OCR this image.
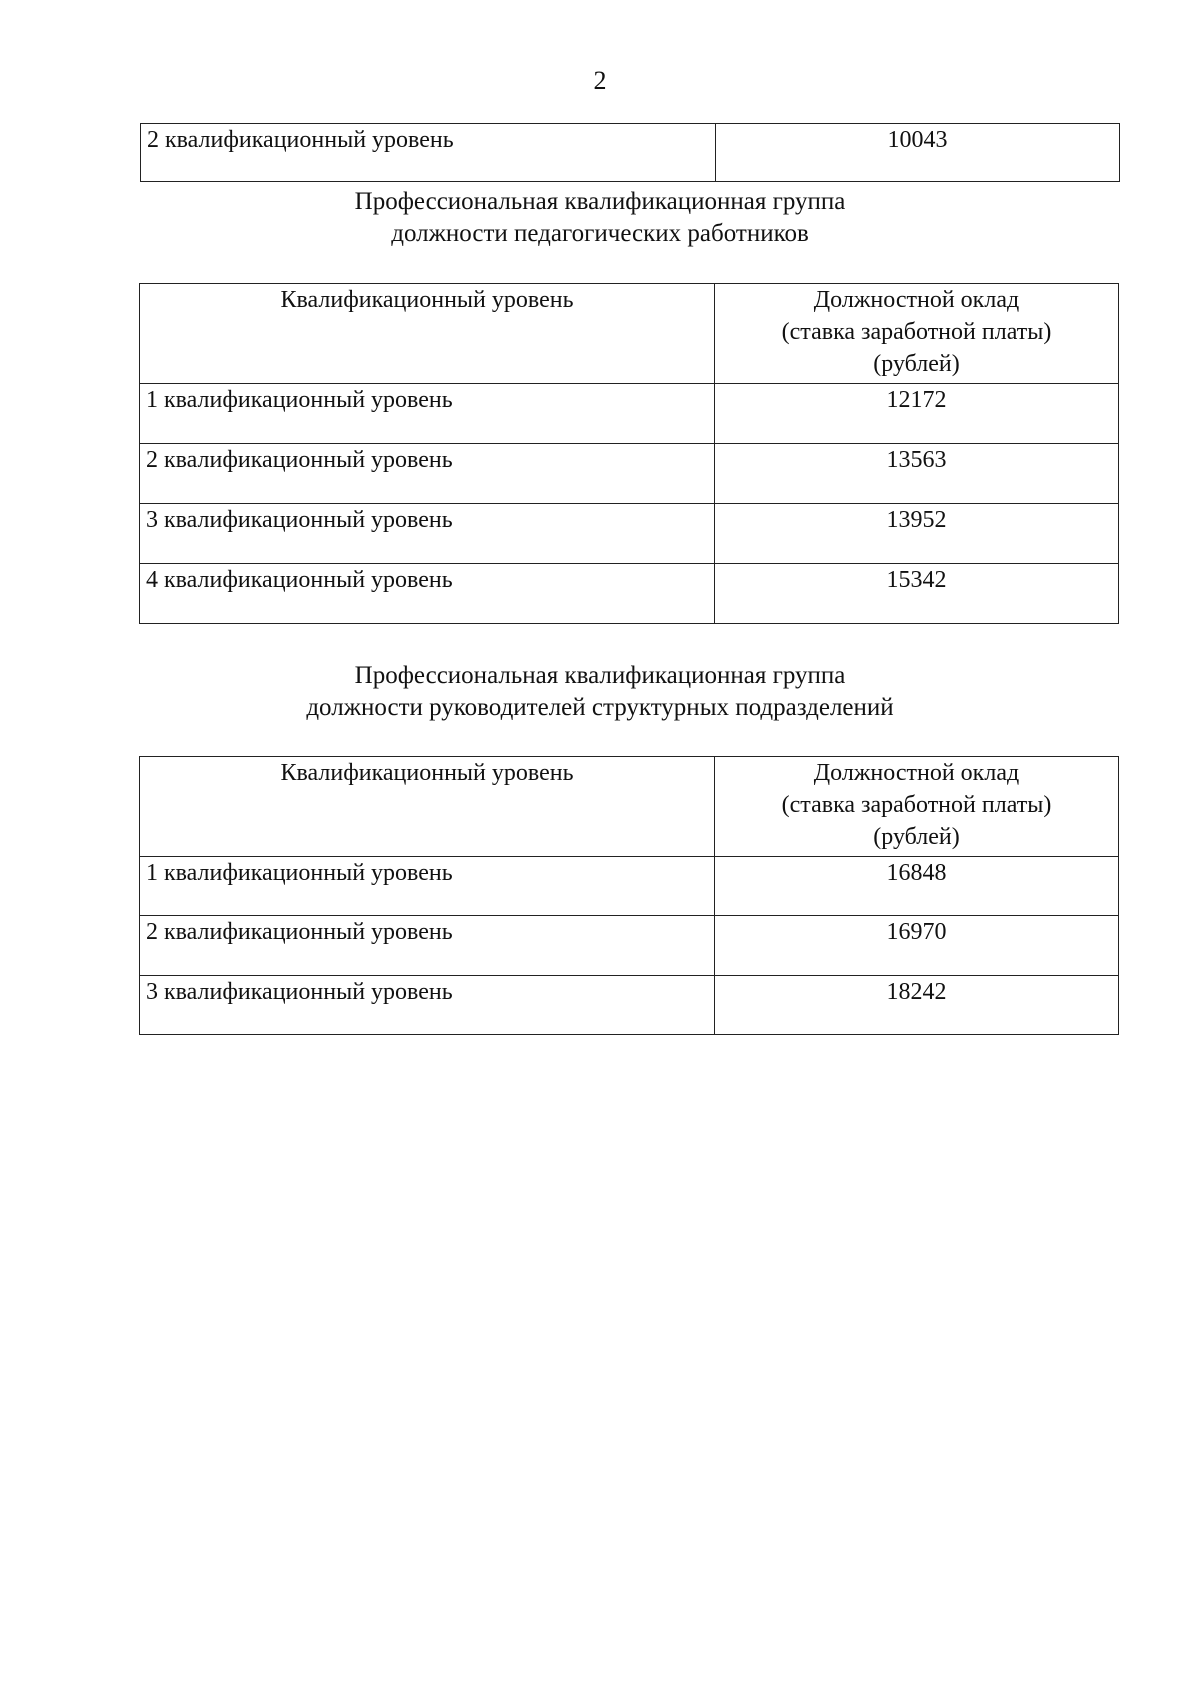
2
2 квалификационный уровень	10043
Профессиональная квалификационная группа
должности педагогических работников
Квалификационный уровень	Должностной оклад
(ставка заработной платы)
(рублей)

1 квалификационный уровень	12172
2 квалификационный уровень	13563
3 квалификационный уровень	13952
4 квалификационный уровень	15342
Профессиональная квалификационная группа
должности руководителей структурных подразделений
Квалификационный уровень	Должностной оклад
(ставка заработной платы)
(рублей)

1 квалификационный уровень	16848
2 квалификационный уровень	16970
3 квалификационный уровень	18242
